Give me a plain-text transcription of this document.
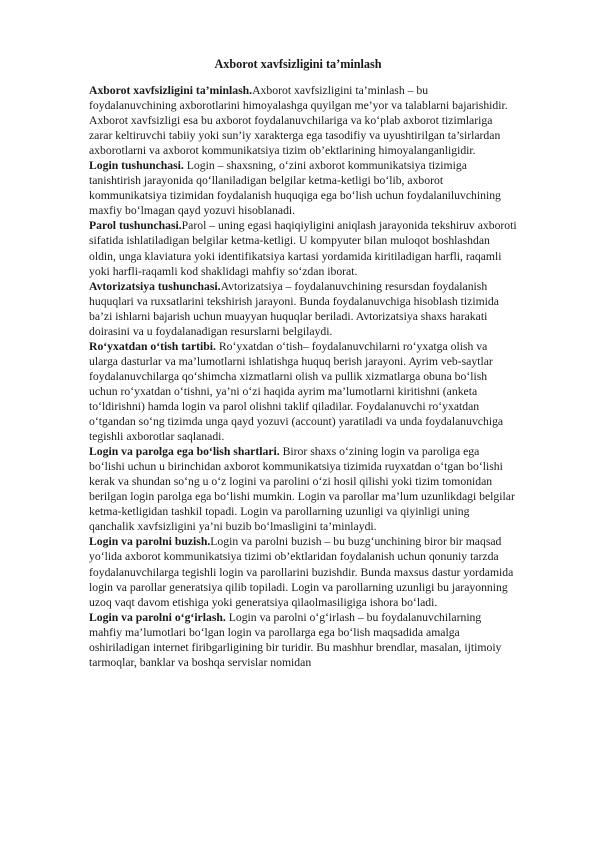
Axborot xavfsizligini ta’minlash

Axborot xavfsizligini ta’minlash.Axborot xavfsizligini ta’minlash – bu foydalanuvchining axborotlarini himoyalashga quyilgan me’yor va talablarni bajarishidir. Axborot xavfsizligi esa bu axborot foydalanuvchilariga va ko‘plab axborot tizimlariga zarar keltiruvchi tabiiy yoki sun’iy xarakterga ega tasodifiy va uyushtirilgan ta’sirlardan axborotlarni va axborot kommunikatsiya tizim ob’ektlarining himoyalanganligidir.

Login tushunchasi. Login – shaxsning, o‘zini axborot kommunikatsiya tizimiga tanishtirish jarayonida qo‘llaniladigan belgilar ketma-ketligi bo‘lib, axborot kommunikatsiya tizimidan foydalanish huquqiga ega bo‘lish uchun foydalaniluvchining maxfiy bo‘lmagan qayd yozuvi hisoblanadi.

Parol tushunchasi.Parol – uning egasi haqiqiyligini aniqlash jarayonida tekshiruv axboroti sifatida ishlatiladigan belgilar ketma-ketligi. U kompyuter bilan muloqot boshlashdan oldin, unga klaviatura yoki identifikatsiya kartasi yordamida kiritiladigan harfli, raqamli yoki harfli-raqamli kod shaklidagi mahfiy so‘zdan iborat.

Avtorizatsiya tushunchasi.Avtorizatsiya – foydalanuvchining resursdan foydalanish huquqlari va ruxsatlarini tekshirish jarayoni. Bunda foydalanuvchiga hisoblash tizimida ba’zi ishlarni bajarish uchun muayyan huquqlar beriladi. Avtorizatsiya shaxs harakati doirasini va u foydalanadigan resurslarni belgilaydi.

Ro‘yxatdan o‘tish tartibi. Ro‘yxatdan o‘tish– foydalanuvchilarni ro‘yxatga olish va ularga dasturlar va ma’lumotlarni ishlatishga huquq berish jarayoni. Ayrim veb-saytlar foydalanuvchilarga qo‘shimcha xizmatlarni olish va pullik xizmatlarga obuna bo‘lish uchun ro‘yxatdan o‘tishni, ya’ni o‘zi haqida ayrim ma’lumotlarni kiritishni (anketa to‘ldirishni) hamda login va parol olishni taklif qiladilar. Foydalanuvchi ro‘yxatdan o‘tgandan so‘ng tizimda unga qayd yozuvi (account) yaratiladi va unda foydalanuvchiga tegishli axborotlar saqlanadi.

Login va parolga ega bo‘lish shartlari. Biror shaxs o‘zining login va paroliga ega bo‘lishi uchun u birinchidan axborot kommunikatsiya tizimida ruyxatdan o‘tgan bo‘lishi kerak va shundan so‘ng u o‘z logini va parolini o‘zi hosil qilishi yoki tizim tomonidan berilgan login parolga ega bo‘lishi mumkin. Login va parollar ma’lum uzunlikdagi belgilar ketma-ketligidan tashkil topadi. Login va parollarning uzunligi va qiyinligi uning qanchalik xavfsizligini ya’ni buzib bo‘lmasligini ta’minlaydi.

Login va parolni buzish.Login va parolni buzish – bu buzg‘unchining biror bir maqsad yo‘lida axborot kommunikatsiya tizimi ob’ektlaridan foydalanish uchun qonuniy tarzda foydalanuvchilarga tegishli login va parollarini buzishdir. Bunda maxsus dastur yordamida login va parollar generatsiya qilib topiladi. Login va parollarning uzunligi bu jarayonning uzoq vaqt davom etishiga yoki generatsiya qilaolmasiligiga ishora bo‘ladi.

Login va parolni o‘g‘irlash. Login va parolni o‘g‘irlash – bu foydalanuvchilarning mahfiy ma’lumotlari bo‘lgan login va parollarga ega bo‘lish maqsadida amalga oshiriladigan internet firibgarligining bir turidir. Bu mashhur brendlar, masalan, ijtimoiy tarmoqlar, banklar va boshqa servislar nomidan
